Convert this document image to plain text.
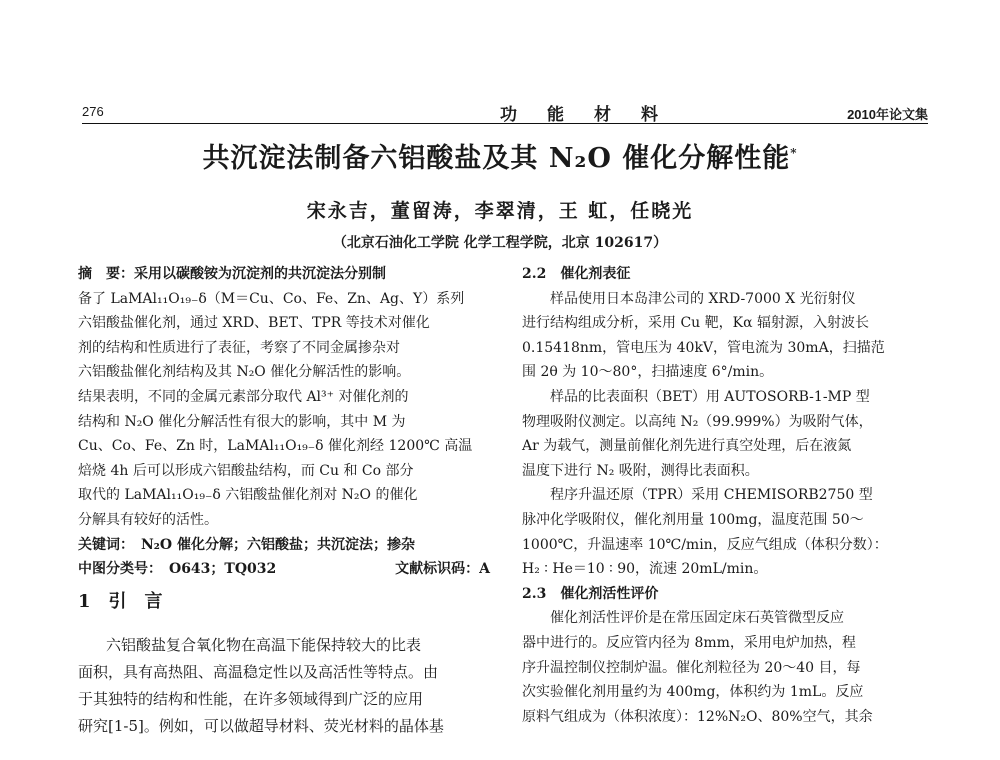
276	功能材料	2010年论文集
共沉淀法制备六铝酸盐及其 N₂O 催化分解性能*
宋永吉，董留涛，李翠清，王 虹，任晓光
（北京石油化工学院 化学工程学院，北京 102617）
摘　要：采用以碳酸铵为沉淀剂的共沉淀法分别制
备了 LaMAl₁₁O₁₉₋δ（M＝Cu、Co、Fe、Zn、Ag、Y）系列
六铝酸盐催化剂，通过 XRD、BET、TPR 等技术对催化
剂的结构和性质进行了表征，考察了不同金属掺杂对
六铝酸盐催化剂结构及其 N₂O 催化分解活性的影响。
结果表明，不同的金属元素部分取代 Al³⁺ 对催化剂的
结构和 N₂O 催化分解活性有很大的影响，其中 M 为
Cu、Co、Fe、Zn 时，LaMAl₁₁O₁₉₋δ 催化剂经 1200℃ 高温
焙烧 4h 后可以形成六铝酸盐结构，而 Cu 和 Co 部分
取代的 LaMAl₁₁O₁₉₋δ 六铝酸盐催化剂对 N₂O 的催化
分解具有较好的活性。
关键词：　N₂O 催化分解；六铝酸盐；共沉淀法；掺杂
中图分类号：　O643；TQ032	文献标识码：A
1　引　言
六铝酸盐复合氧化物在高温下能保持较大的比表
面积，具有高热阻、高温稳定性以及高活性等特点。由
于其独特的结构和性能，在许多领域得到广泛的应用
研究[1-5]。例如，可以做超导材料、荧光材料的晶体基
2.2　催化剂表征
样品使用日本岛津公司的 XRD-7000 X 光衍射仪
进行结构组成分析，采用 Cu 靶，Kα 辐射源，入射波长
0.15418nm，管电压为 40kV，管电流为 30mA，扫描范
围 2θ 为 10～80°，扫描速度 6°/min。
样品的比表面积（BET）用 AUTOSORB-1-MP 型
物理吸附仪测定。以高纯 N₂（99.999%）为吸附气体，
Ar 为载气，测量前催化剂先进行真空处理，后在液氮
温度下进行 N₂ 吸附，测得比表面积。
程序升温还原（TPR）采用 CHEMISORB2750 型
脉冲化学吸附仪，催化剂用量 100mg，温度范围 50～
1000℃，升温速率 10℃/min，反应气组成（体积分数）：
H₂ ∶ He＝10 ∶ 90，流速 20mL/min。
2.3　催化剂活性评价
催化剂活性评价是在常压固定床石英管微型反应
器中进行的。反应管内径为 8mm，采用电炉加热，程
序升温控制仪控制炉温。催化剂粒径为 20～40 目，每
次实验催化剂用量约为 400mg，体积约为 1mL。反应
原料气组成为（体积浓度）：12%N₂O、80%空气，其余
